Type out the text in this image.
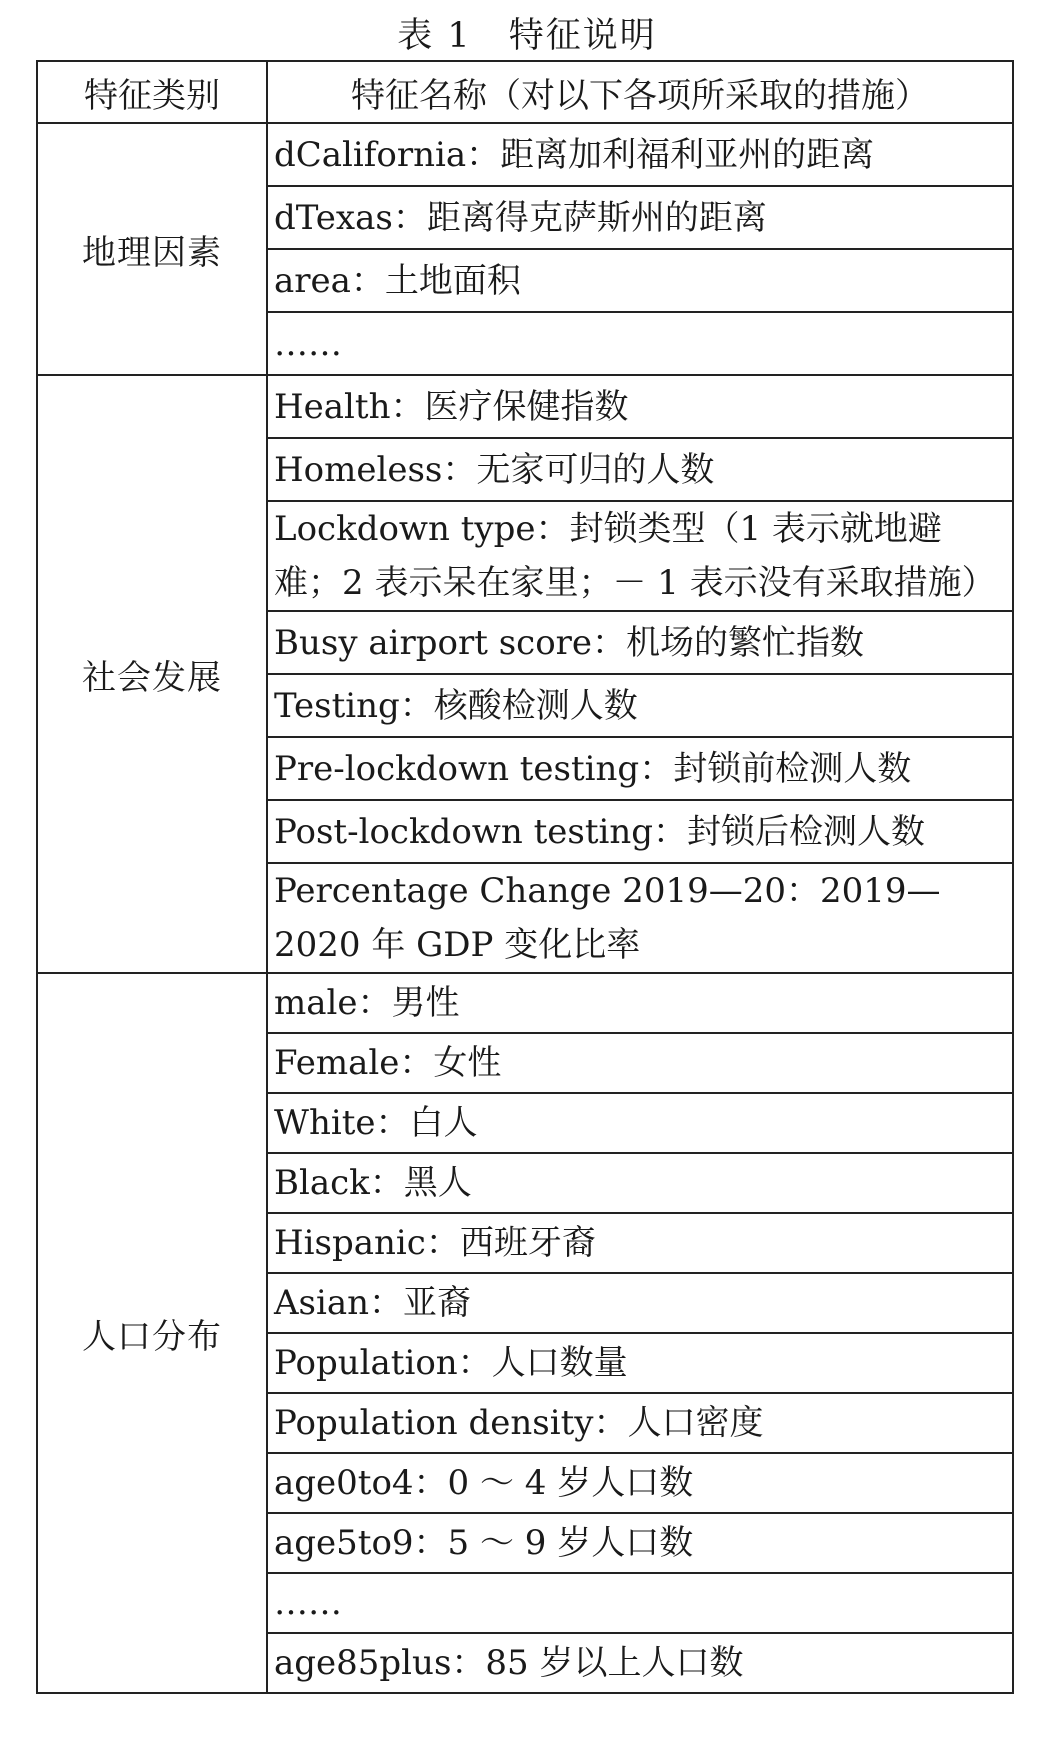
表 1　特征说明
特征类别	特征名称（对以下各项所采取的措施）
地理因素	dCalifornia：距离加利福利亚州的距离
	dTexas：距离得克萨斯州的距离
	area：土地面积
	……
社会发展	Health：医疗保健指数
	Homeless：无家可归的人数
	Lockdown type：封锁类型（1 表示就地避难；2 表示呆在家里；－ 1 表示没有采取措施）
	Busy airport score：机场的繁忙指数
	Testing：核酸检测人数
	Pre-lockdown testing：封锁前检测人数
	Post-lockdown testing：封锁后检测人数
	Percentage Change 2019—20：2019—2020 年 GDP 变化比率
人口分布	male：男性
	Female：女性
	White：白人
	Black：黑人
	Hispanic：西班牙裔
	Asian：亚裔
	Population：人口数量
	Population density：人口密度
	age0to4：0 ～ 4 岁人口数
	age5to9：5 ～ 9 岁人口数
	……
	age85plus：85 岁以上人口数
